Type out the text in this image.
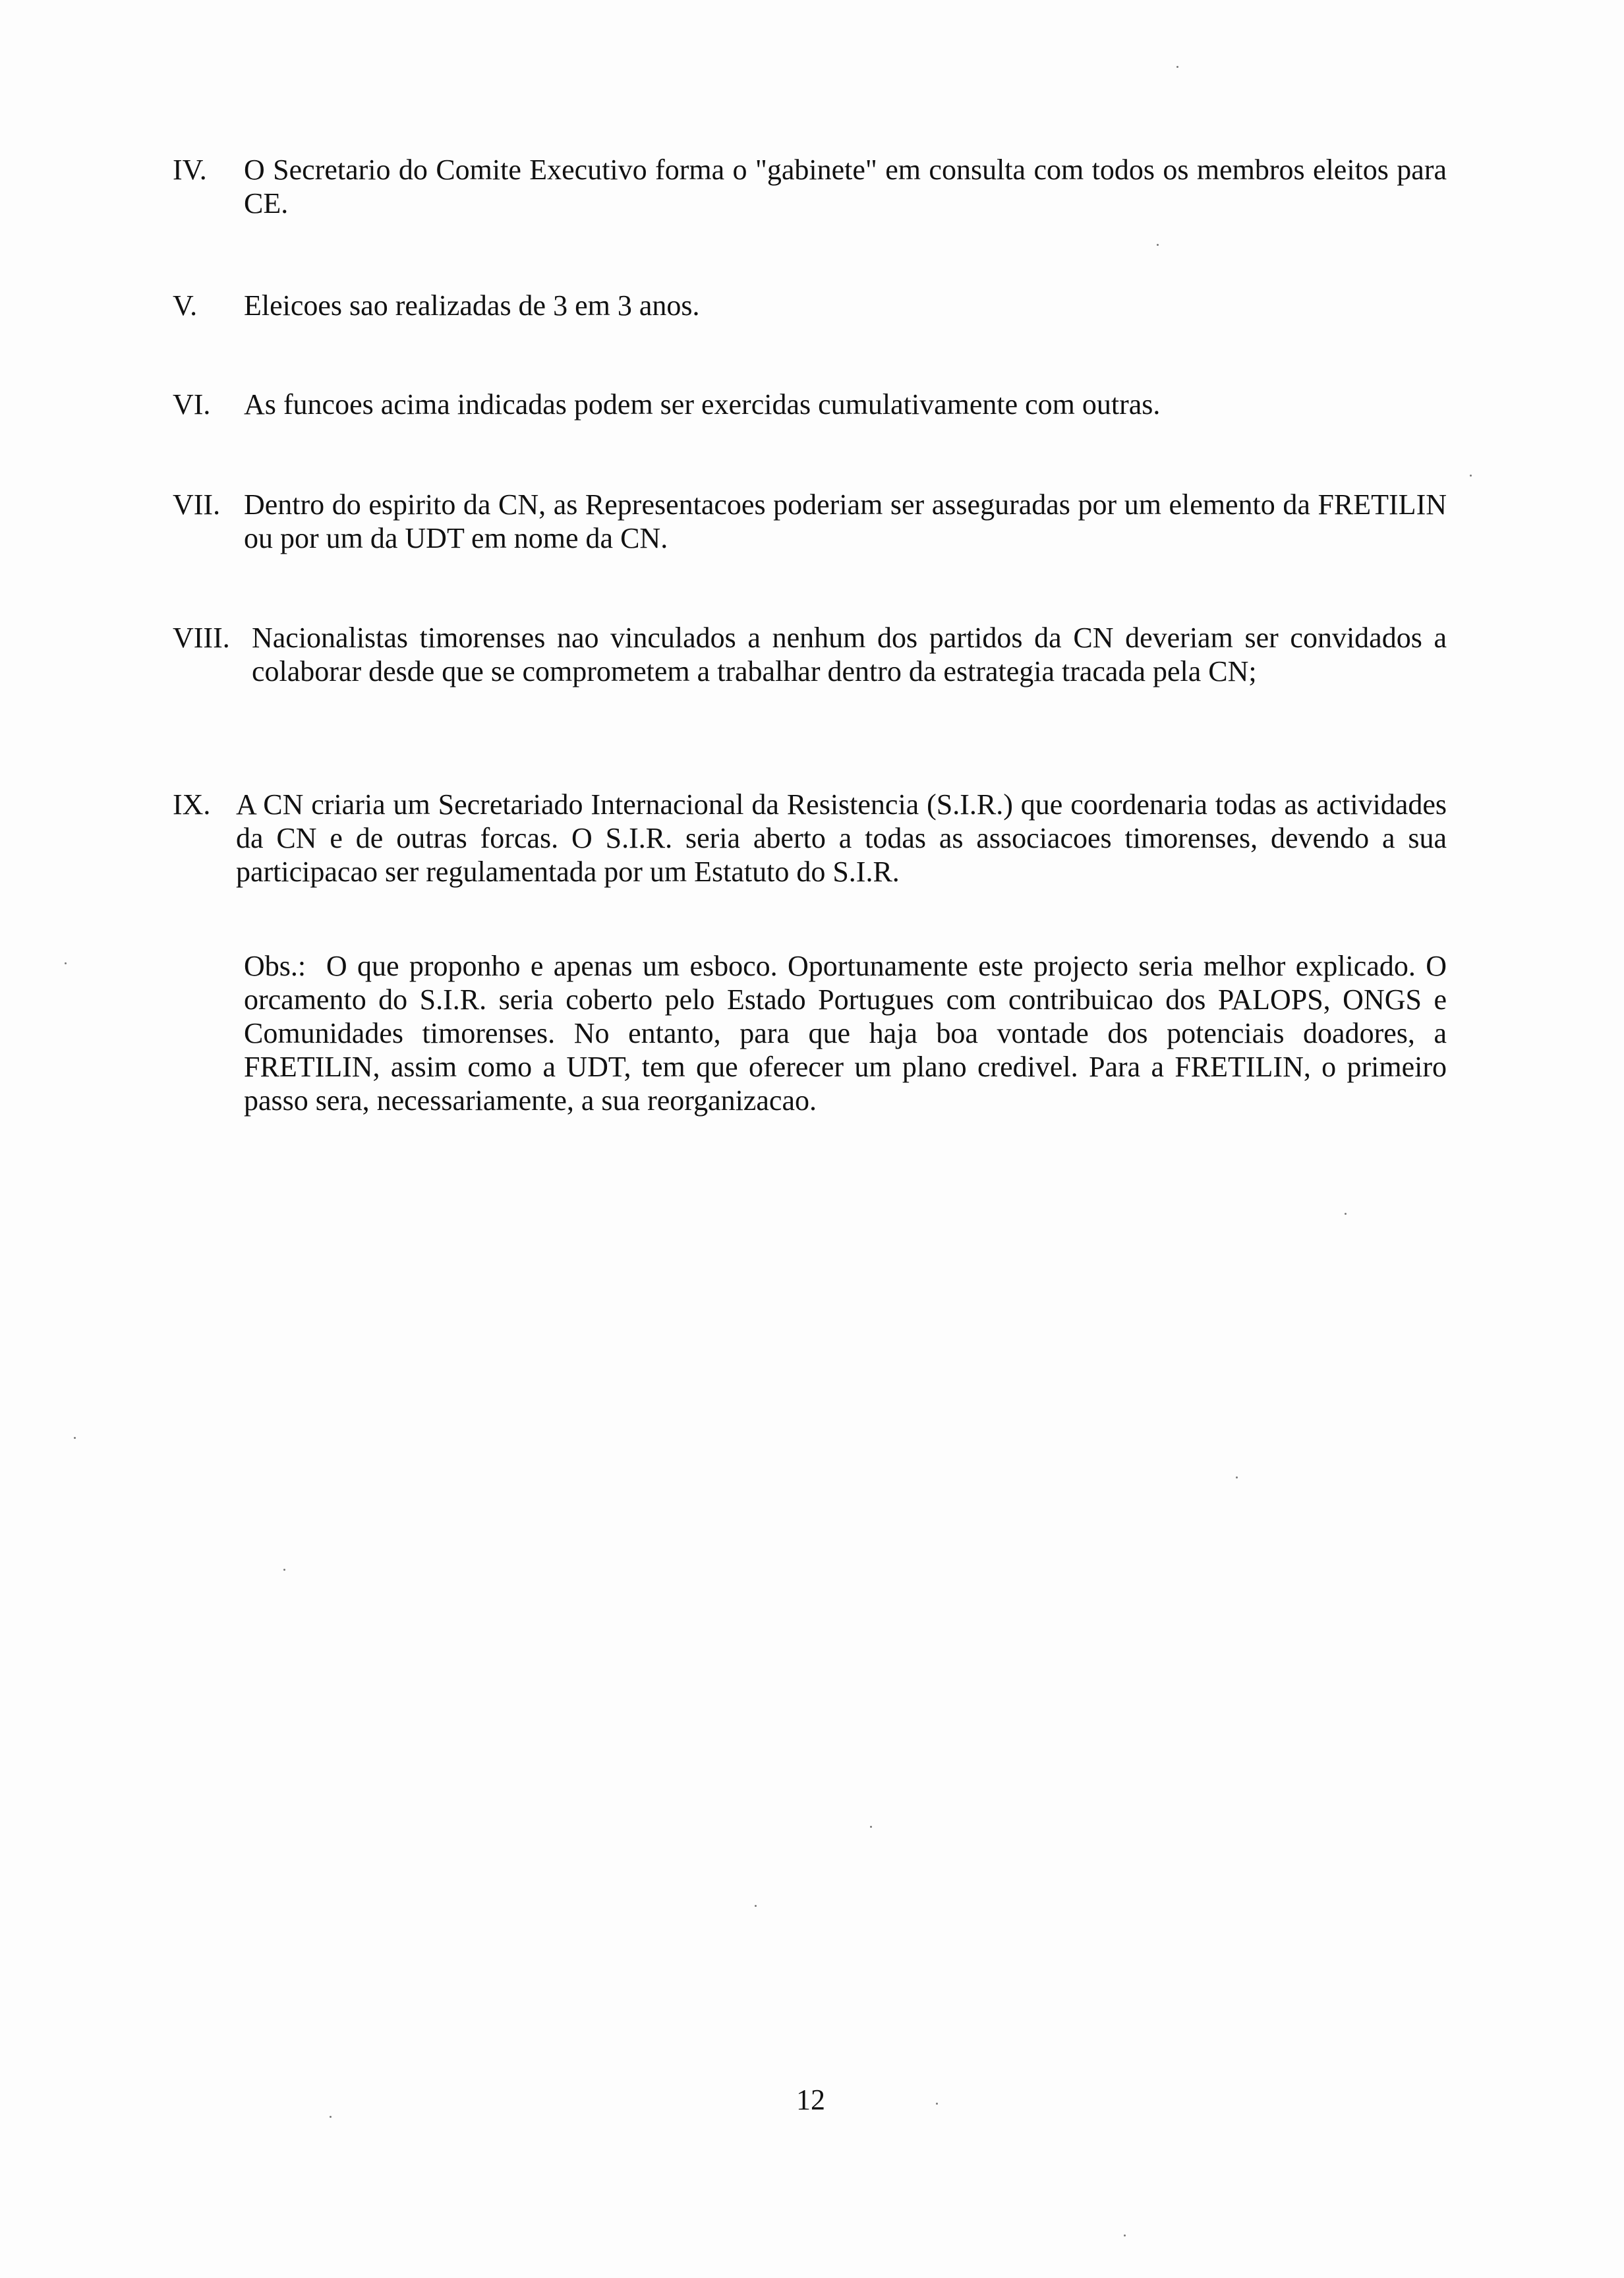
IV. O Secretario do Comite Executivo forma o "gabinete" em consulta com todos os membros eleitos para CE.

V. Eleicoes sao realizadas de 3 em 3 anos.

VI. As funcoes acima indicadas podem ser exercidas cumulativamente com outras.

VII. Dentro do espirito da CN, as Representacoes poderiam ser asseguradas por um elemento da FRETILIN ou por um da UDT em nome da CN.

VIII. Nacionalistas timorenses nao vinculados a nenhum dos partidos da CN deveriam ser convidados a colaborar desde que se comprometem a trabalhar dentro da estrategia tracada pela CN;

IX. A CN criaria um Secretariado Internacional da Resistencia (S.I.R.) que coordenaria todas as actividades da CN e de outras forcas. O S.I.R. seria aberto a todas as associacoes timorenses, devendo a sua participacao ser regulamentada por um Estatuto do S.I.R.

Obs.: O que proponho e apenas um esboco. Oportunamente este projecto seria melhor explicado. O orcamento do S.I.R. seria coberto pelo Estado Portugues com contribuicao dos PALOPS, ONGS e Comunidades timorenses. No entanto, para que haja boa vontade dos potenciais doadores, a FRETILIN, assim como a UDT, tem que oferecer um plano credivel. Para a FRETILIN, o primeiro passo sera, necessariamente, a sua reorganizacao.

12
